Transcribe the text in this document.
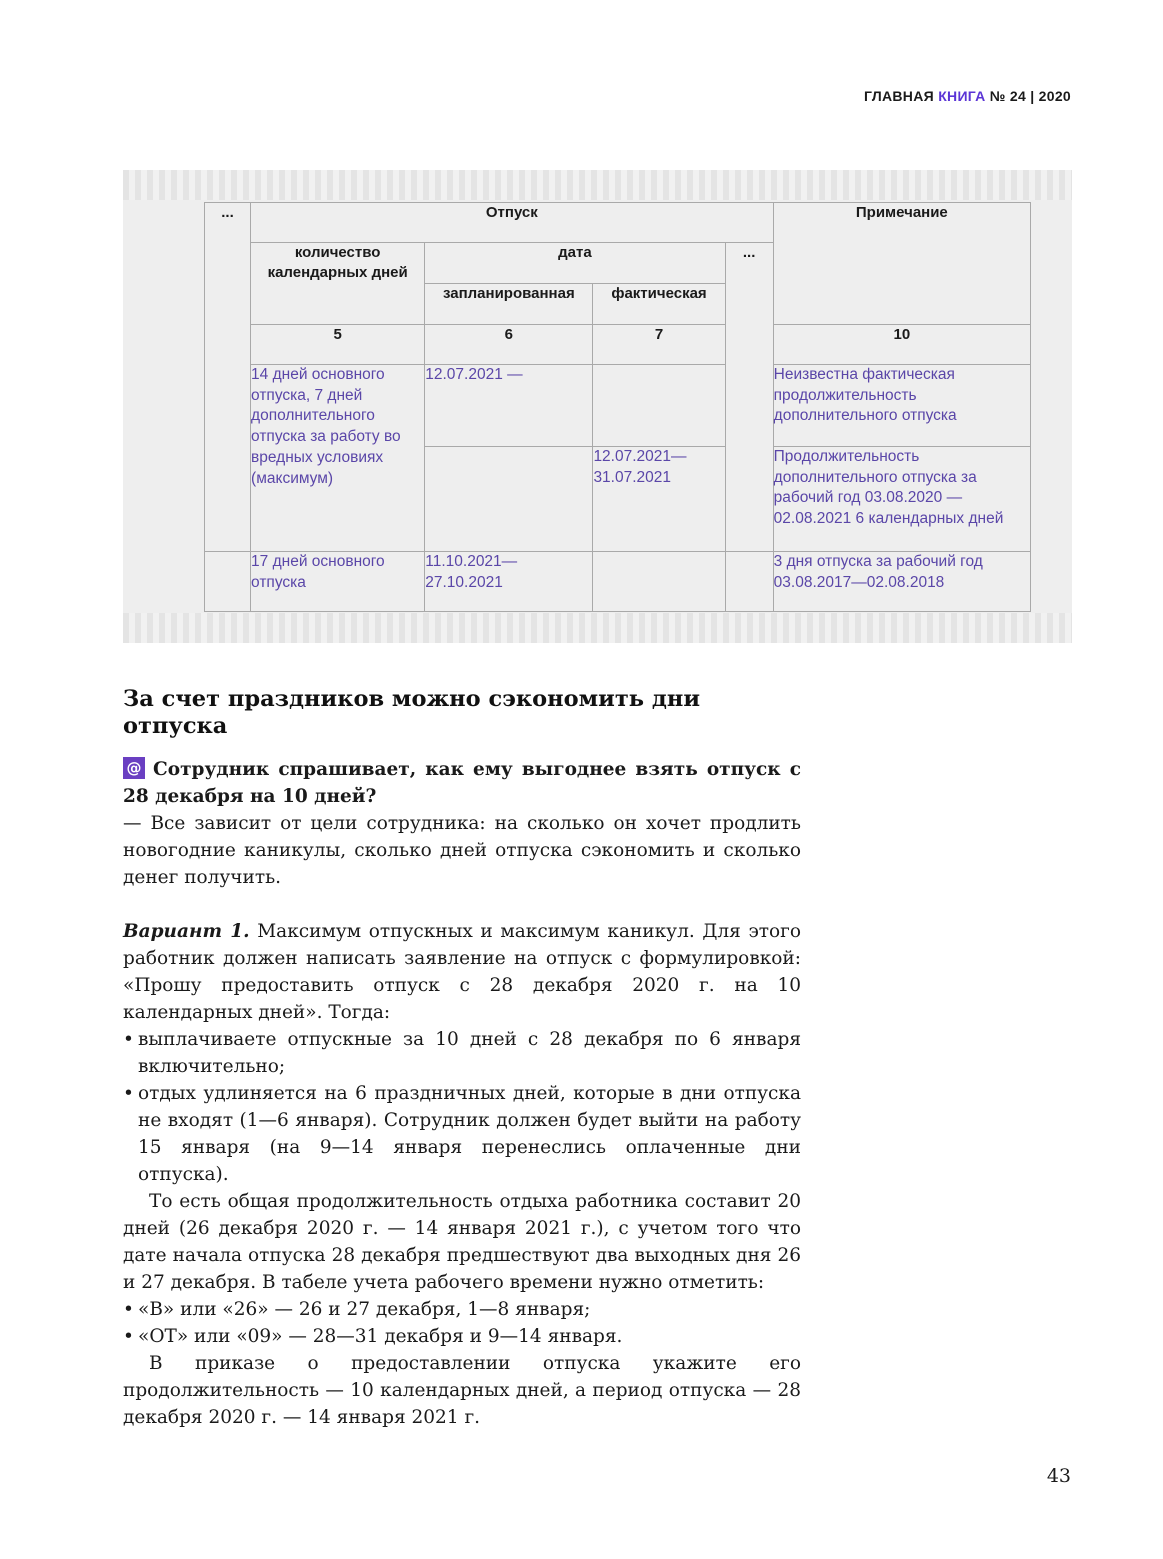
ГЛАВНАЯ КНИГА № 24 | 2020
...	Отпуск				Примечание
	количество календарных дней	дата		...	
		запланированная	фактическая		
	5	6	7		10
	14 дней основного отпуска, 7 дней дополнительного отпуска за работу во вредных условиях (максимум)	12.07.2021 —			Неизвестна фактическая продолжительность дополнительного отпуска
			12.07.2021— 31.07.2021		Продолжительность дополнительного отпуска за рабочий год 03.08.2020 — 02.08.2021 6 календарных дней
	17 дней основного отпуска	11.10.2021— 27.10.2021			3 дня отпуска за рабочий год 03.08.2017—02.08.2018
За счет праздников можно сэкономить дни отпуска

@ Сотрудник спрашивает, как ему выгоднее взять отпуск с 28 декабря на 10 дней?

— Все зависит от цели сотрудника: на сколько он хочет продлить новогодние каникулы, сколько дней отпуска сэкономить и сколько денег получить.

Вариант 1. Максимум отпускных и максимум каникул. Для этого работник должен написать заявление на отпуск с формулировкой: «Прошу предоставить отпуск с 28 декабря 2020 г. на 10 календарных дней». Тогда:

• выплачиваете отпускные за 10 дней с 28 декабря по 6 января включительно;
• отдых удлиняется на 6 праздничных дней, которые в дни отпуска не входят (1—6 января). Сотрудник должен будет выйти на работу 15 января (на 9—14 января перенеслись оплаченные дни отпуска).

То есть общая продолжительность отдыха работника составит 20 дней (26 декабря 2020 г. — 14 января 2021 г.), с учетом того что дате начала отпуска 28 декабря предшествуют два выходных дня 26 и 27 декабря. В табеле учета рабочего времени нужно отметить:

• «В» или «26» — 26 и 27 декабря, 1—8 января;
• «ОТ» или «09» — 28—31 декабря и 9—14 января.

В приказе о предоставлении отпуска укажите его продолжительность — 10 календарных дней, а период отпуска — 28 декабря 2020 г. — 14 января 2021 г.

43
